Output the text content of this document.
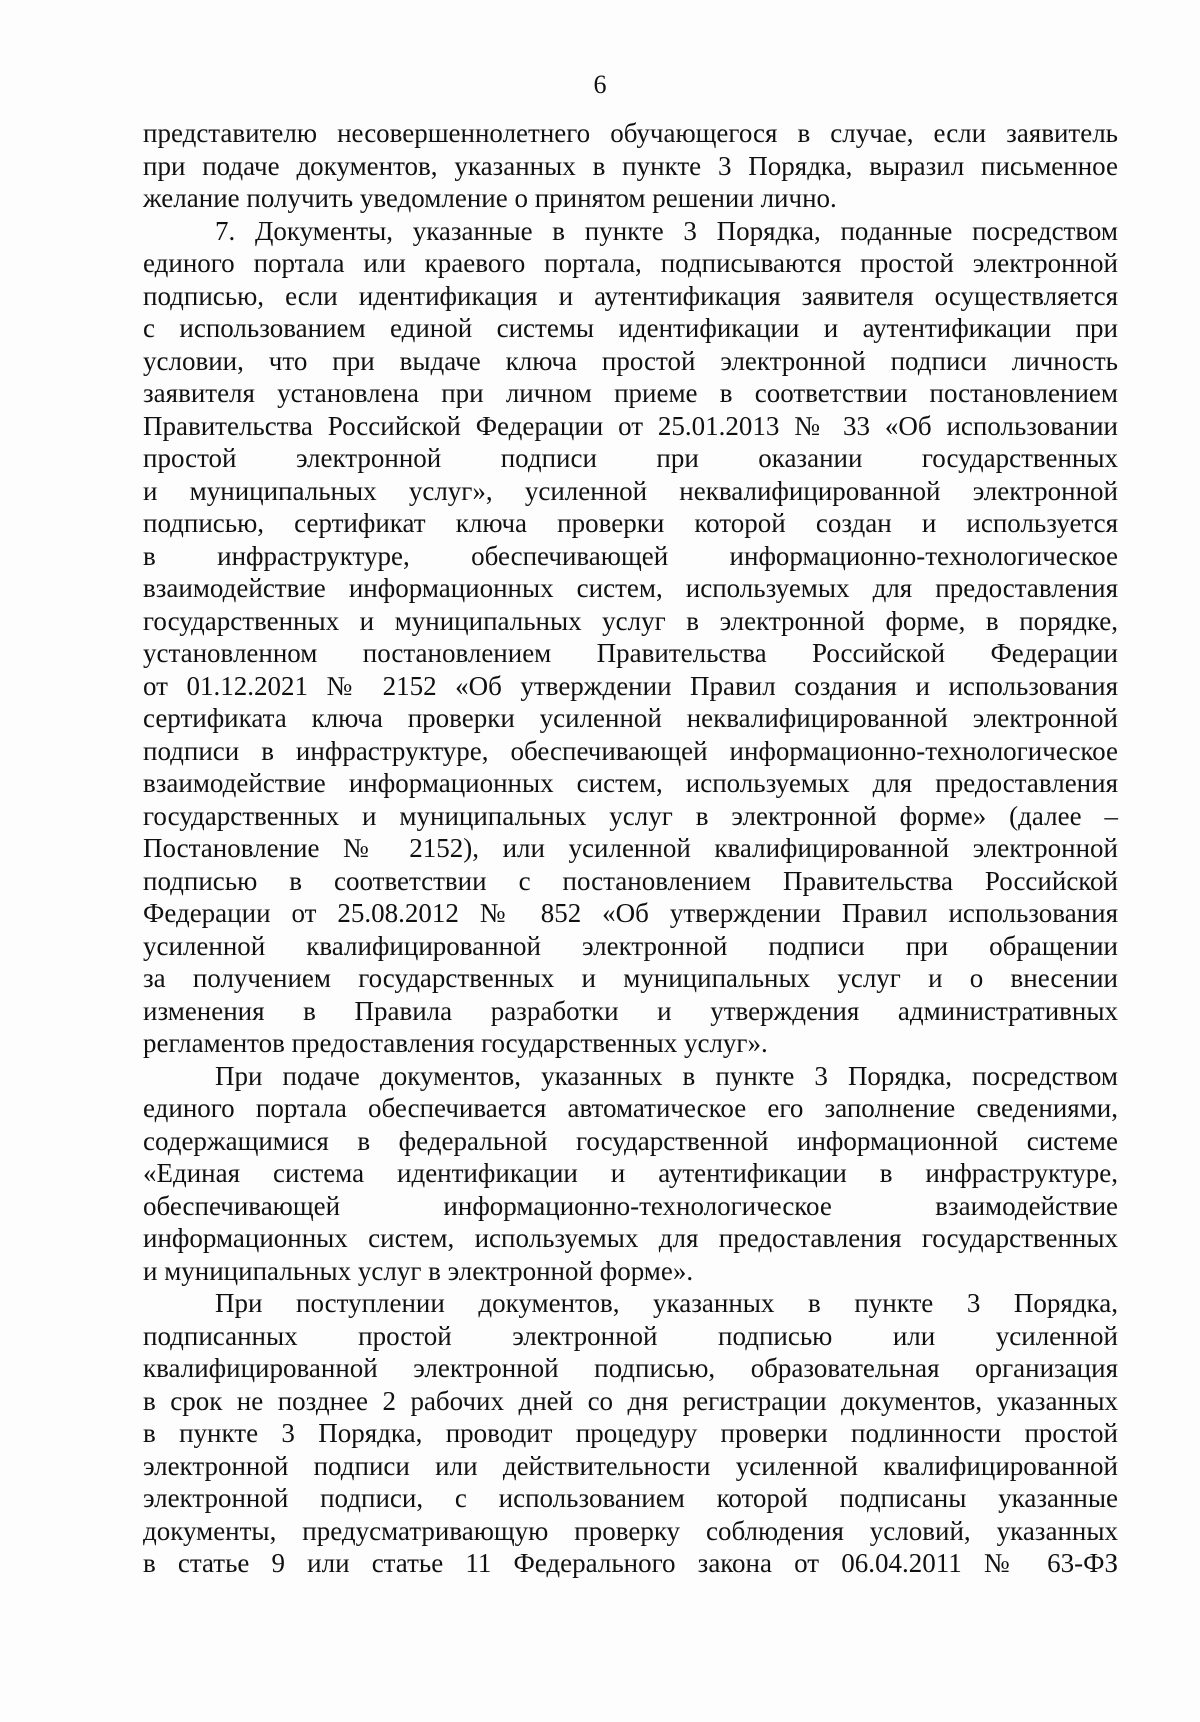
6
представителю несовершеннолетнего обучающегося в случае, если заявитель
при подаче документов, указанных в пункте 3 Порядка, выразил письменное
желание получить уведомление о принятом решении лично.
7. Документы, указанные в пункте 3 Порядка, поданные посредством
единого портала или краевого портала, подписываются простой электронной
подписью, если идентификация и аутентификация заявителя осуществляется
с использованием единой системы идентификации и аутентификации при
условии, что при выдаче ключа простой электронной подписи личность
заявителя установлена при личном приеме в соответствии постановлением
Правительства Российской Федерации от 25.01.2013 № 33 «Об использовании
простой электронной подписи при оказании государственных
и муниципальных услуг», усиленной неквалифицированной электронной
подписью, сертификат ключа проверки которой создан и используется
в инфраструктуре, обеспечивающей информационно-технологическое
взаимодействие информационных систем, используемых для предоставления
государственных и муниципальных услуг в электронной форме, в порядке,
установленном постановлением Правительства Российской Федерации
от 01.12.2021 № 2152 «Об утверждении Правил создания и использования
сертификата ключа проверки усиленной неквалифицированной электронной
подписи в инфраструктуре, обеспечивающей информационно-технологическое
взаимодействие информационных систем, используемых для предоставления
государственных и муниципальных услуг в электронной форме» (далее –
Постановление № 2152), или усиленной квалифицированной электронной
подписью в соответствии с постановлением Правительства Российской
Федерации от 25.08.2012 № 852 «Об утверждении Правил использования
усиленной квалифицированной электронной подписи при обращении
за получением государственных и муниципальных услуг и о внесении
изменения в Правила разработки и утверждения административных
регламентов предоставления государственных услуг».
При подаче документов, указанных в пункте 3 Порядка, посредством
единого портала обеспечивается автоматическое его заполнение сведениями,
содержащимися в федеральной государственной информационной системе
«Единая система идентификации и аутентификации в инфраструктуре,
обеспечивающей информационно-технологическое взаимодействие
информационных систем, используемых для предоставления государственных
и муниципальных услуг в электронной форме».
При поступлении документов, указанных в пункте 3 Порядка,
подписанных простой электронной подписью или усиленной
квалифицированной электронной подписью, образовательная организация
в срок не позднее 2 рабочих дней со дня регистрации документов, указанных
в пункте 3 Порядка, проводит процедуру проверки подлинности простой
электронной подписи или действительности усиленной квалифицированной
электронной подписи, с использованием которой подписаны указанные
документы, предусматривающую проверку соблюдения условий, указанных
в статье 9 или статье 11 Федерального закона от 06.04.2011 № 63-ФЗ
